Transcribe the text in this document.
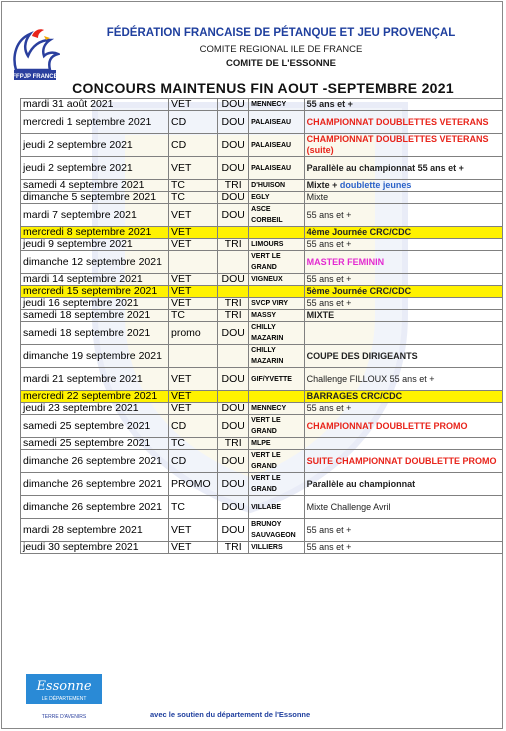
FFPJP FRANCE
FÉDÉRATION FRANCAISE DE PÉTANQUE ET JEU PROVENÇAL
COMITE REGIONAL ILE DE FRANCE
COMITE DE L'ESSONNE
CONCOURS MAINTENUS FIN AOUT -SEPTEMBRE 2021
mardi 31 août 2021	VET	DOU	MENNECY	55 ans et +
mercredi 1 septembre 2021	CD	DOU	PALAISEAU	CHAMPIONNAT DOUBLETTES VETERANS
jeudi 2 septembre 2021	CD	DOU	PALAISEAU	CHAMPIONNAT DOUBLETTES VETERANS (suite)
jeudi 2 septembre 2021	VET	DOU	PALAISEAU	Parallèle au championnat 55 ans et +
samedi 4 septembre 2021	TC	TRI	D'HUISON	Mixte + doublette jeunes
dimanche 5 septembre 2021	TC	DOU	EGLY	Mixte
mardi 7 septembre 2021	VET	DOU	ASCE CORBEIL	55 ans et +
mercredi 8 septembre 2021	VET			4ème Journée CRC/CDC
jeudi 9 septembre 2021	VET	TRI	LIMOURS	55 ans et +
dimanche 12 septembre 2021			VERT LE GRAND	MASTER FEMININ
mardi 14 septembre 2021	VET	DOU	VIGNEUX	55 ans et +
mercredi 15 septembre 2021	VET			5ème Journée CRC/CDC
jeudi 16 septembre 2021	VET	TRI	SVCP VIRY	55 ans et +
samedi 18 septembre 2021	TC	TRI	MASSY	MIXTE
samedi 18 septembre 2021	promo	DOU	CHILLY MAZARIN	
dimanche 19 septembre 2021			CHILLY MAZARIN	COUPE DES DIRIGEANTS
mardi 21 septembre 2021	VET	DOU	GIF/YVETTE	Challenge FILLOUX 55 ans et +
mercredi 22 septembre 2021	VET			BARRAGES CRC/CDC
jeudi 23 septembre 2021	VET	DOU	MENNECY	55 ans et +
samedi 25 septembre 2021	CD	DOU	VERT LE GRAND	CHAMPIONNAT DOUBLETTE PROMO
samedi 25 septembre 2021	TC	TRI	MLPE	
dimanche 26 septembre 2021	CD	DOU	VERT LE GRAND	SUITE CHAMPIONNAT DOUBLETTE PROMO
dimanche 26 septembre 2021	PROMO	DOU	VERT LE GRAND	Parallèle au championnat
dimanche 26 septembre 2021	TC	DOU	VILLABE	Mixte Challenge Avril
mardi 28 septembre 2021	VET	DOU	BRUNOY SAUVAGEON	55 ans et +
jeudi 30 septembre 2021	VET	TRI	VILLIERS	55 ans et +
Essonne
LE DÉPARTEMENT
TERRE D'AVENIRS	avec le soutien du département de l'Essonne
